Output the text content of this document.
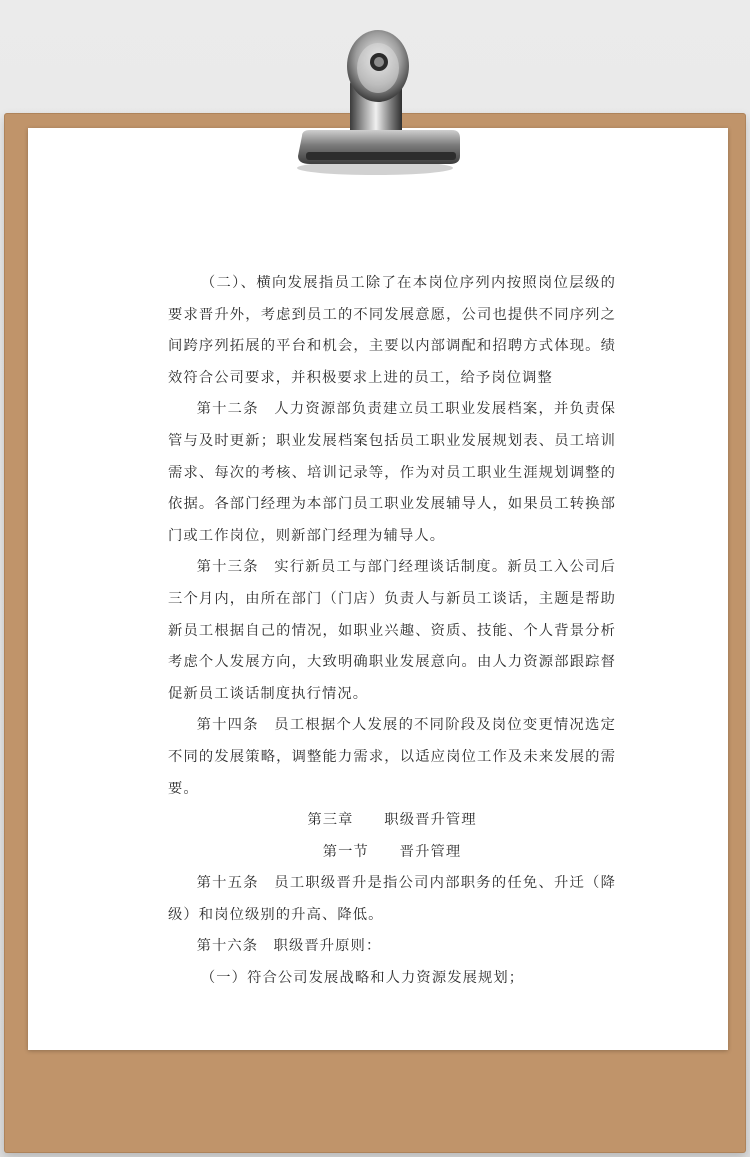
（二）、横向发展指员工除了在本岗位序列内按照岗位层级的要求晋升外，考虑到员工的不同发展意愿，公司也提供不同序列之间跨序列拓展的平台和机会，主要以内部调配和招聘方式体现。绩效符合公司要求，并积极要求上进的员工，给予岗位调整

第十二条　人力资源部负责建立员工职业发展档案，并负责保管与及时更新；职业发展档案包括员工职业发展规划表、员工培训需求、每次的考核、培训记录等，作为对员工职业生涯规划调整的依据。各部门经理为本部门员工职业发展辅导人，如果员工转换部门或工作岗位，则新部门经理为辅导人。

第十三条　实行新员工与部门经理谈话制度。新员工入公司后三个月内，由所在部门（门店）负责人与新员工谈话，主题是帮助新员工根据自己的情况，如职业兴趣、资质、技能、个人背景分析考虑个人发展方向，大致明确职业发展意向。由人力资源部跟踪督促新员工谈话制度执行情况。

第十四条　员工根据个人发展的不同阶段及岗位变更情况选定不同的发展策略，调整能力需求，以适应岗位工作及未来发展的需要。

第三章　　职级晋升管理

第一节　　晋升管理

第十五条　员工职级晋升是指公司内部职务的任免、升迁（降级）和岗位级别的升高、降低。

第十六条　职级晋升原则：

（一）符合公司发展战略和人力资源发展规划；
